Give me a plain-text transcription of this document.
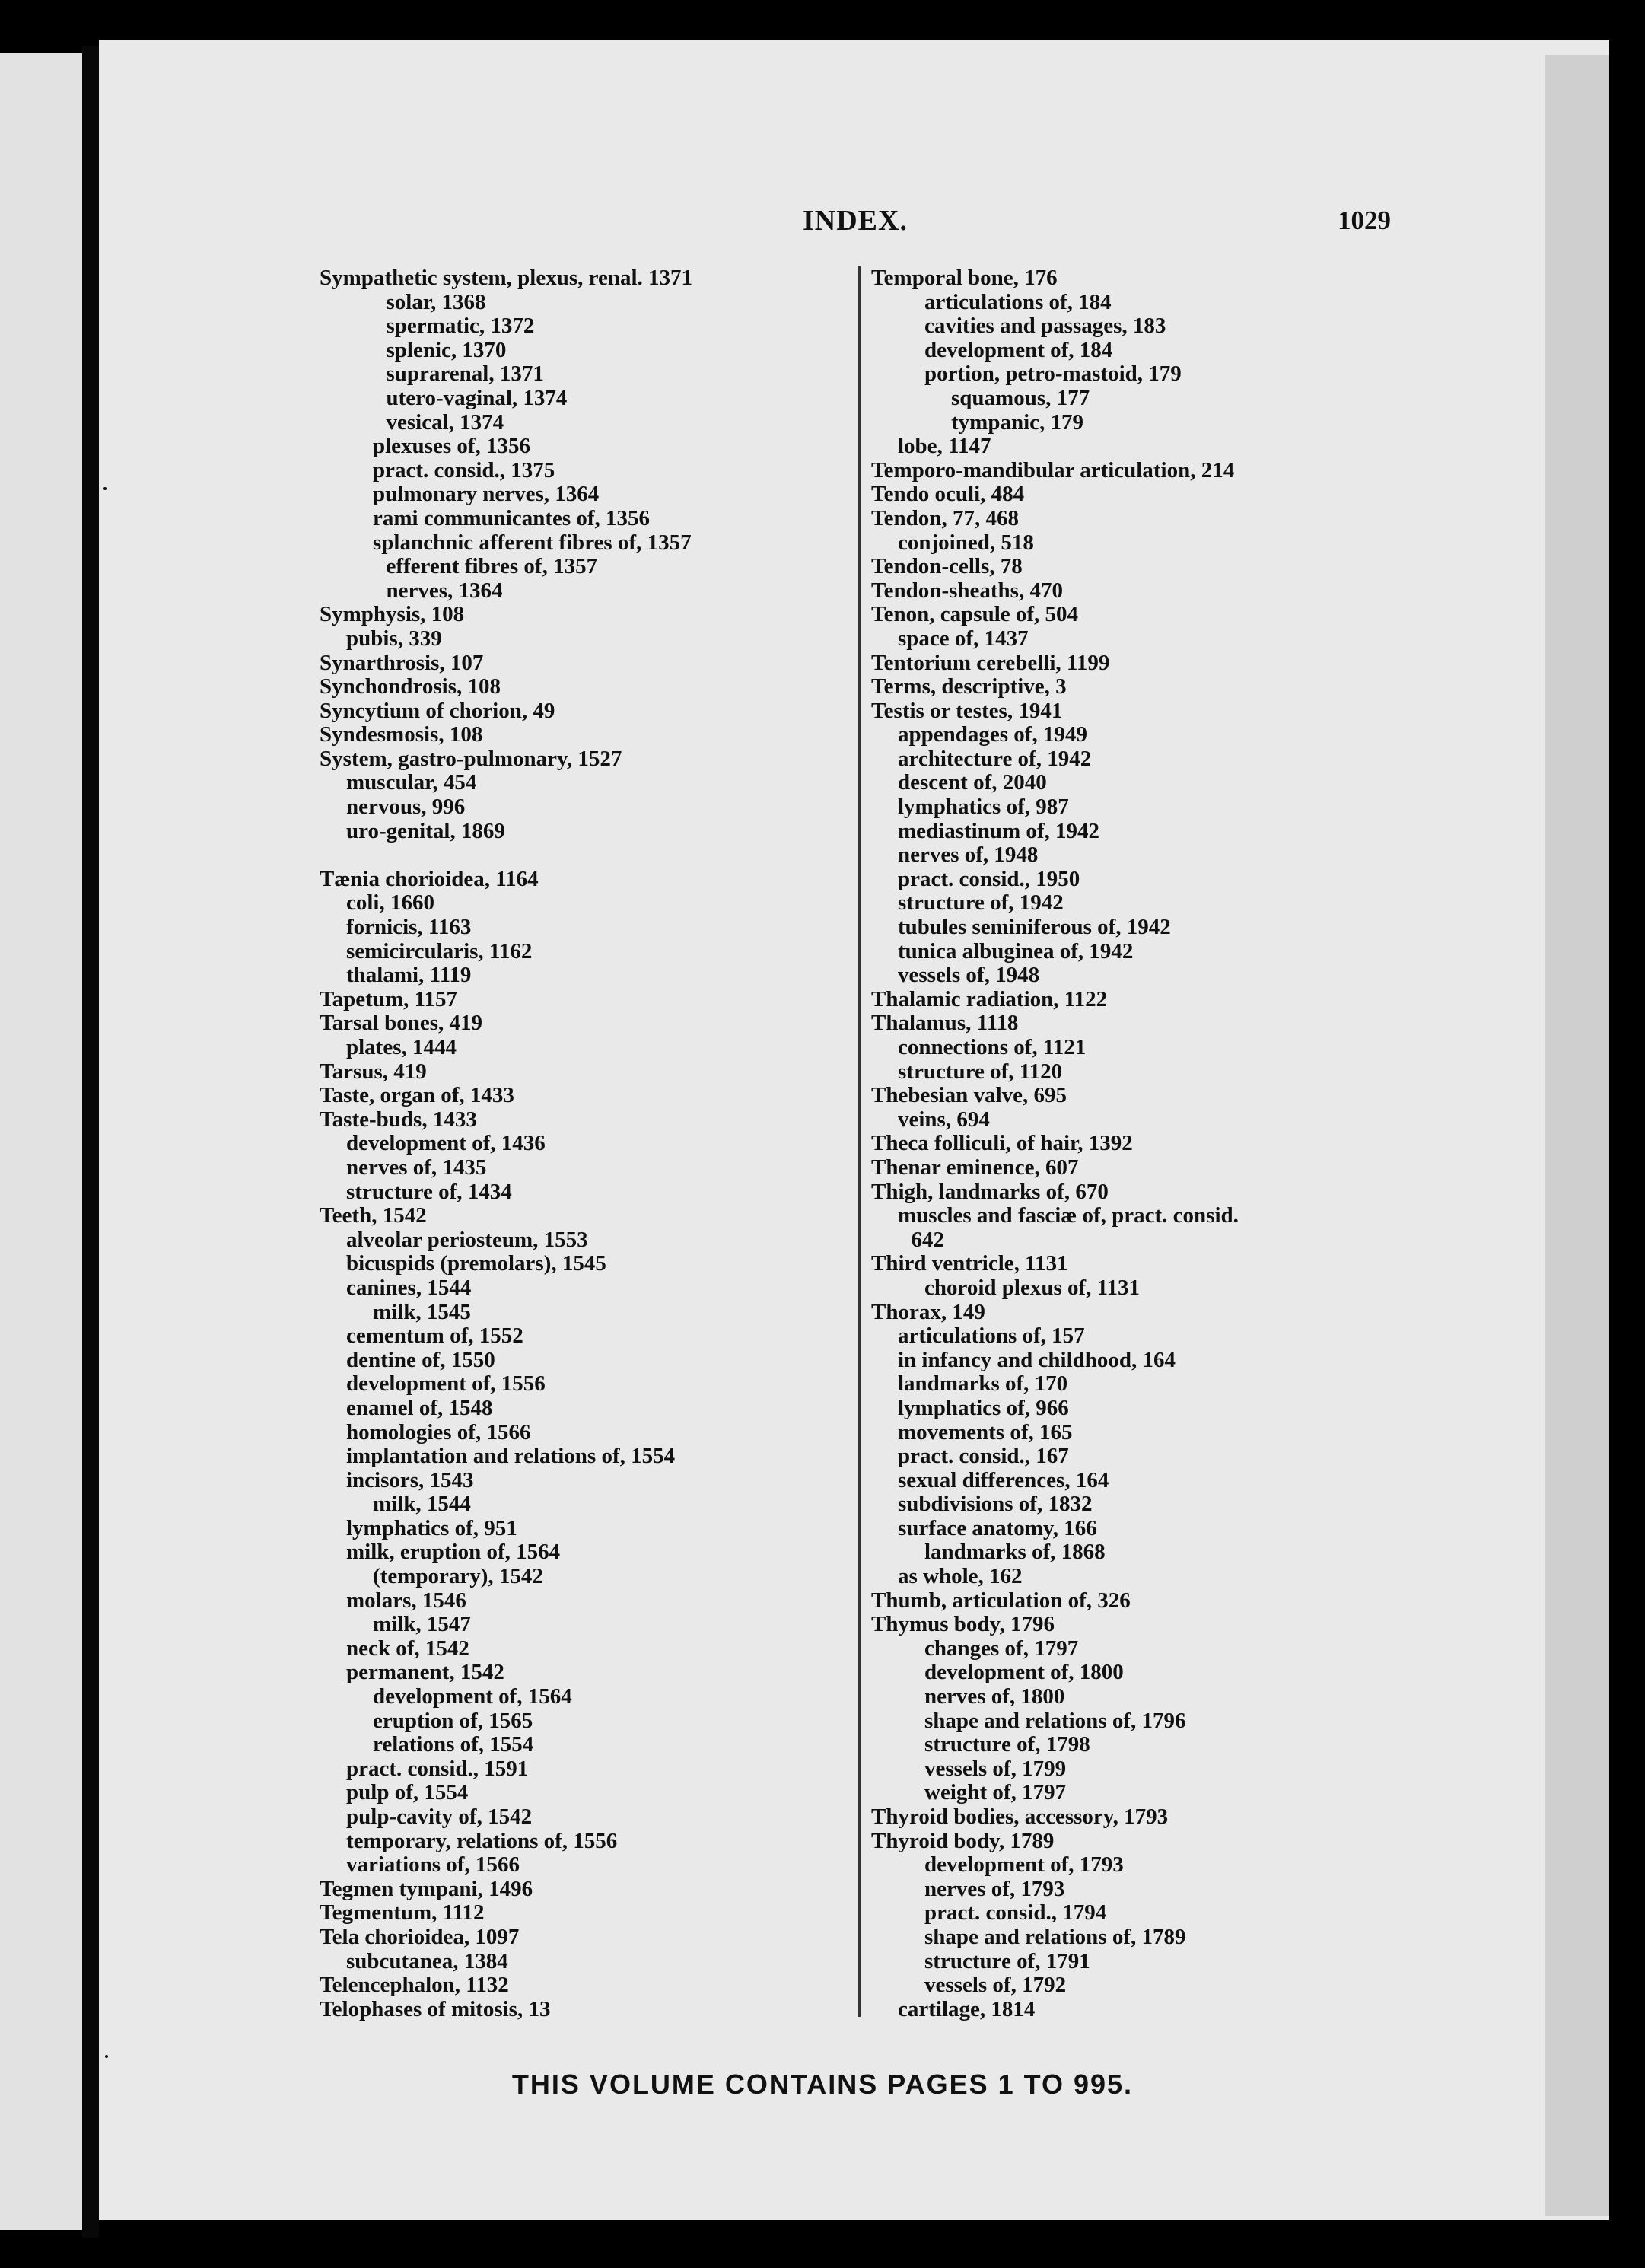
INDEX.	1029
Sympathetic system, plexus, renal. 1371
solar, 1368
spermatic, 1372
splenic, 1370
suprarenal, 1371
utero-vaginal, 1374
vesical, 1374
plexuses of, 1356
pract. consid., 1375
pulmonary nerves, 1364
rami communicantes of, 1356
splanchnic afferent fibres of, 1357
efferent fibres of, 1357
nerves, 1364
Symphysis, 108
pubis, 339
Synarthrosis, 107
Synchondrosis, 108
Syncytium of chorion, 49
Syndesmosis, 108
System, gastro-pulmonary, 1527
muscular, 454
nervous, 996
uro-genital, 1869
Tænia chorioidea, 1164
coli, 1660
fornicis, 1163
semicircularis, 1162
thalami, 1119
Tapetum, 1157
Tarsal bones, 419
plates, 1444
Tarsus, 419
Taste, organ of, 1433
Taste-buds, 1433
development of, 1436
nerves of, 1435
structure of, 1434
Teeth, 1542
alveolar periosteum, 1553
bicuspids (premolars), 1545
canines, 1544
milk, 1545
cementum of, 1552
dentine of, 1550
development of, 1556
enamel of, 1548
homologies of, 1566
implantation and relations of, 1554
incisors, 1543
milk, 1544
lymphatics of, 951
milk, eruption of, 1564
(temporary), 1542
molars, 1546
milk, 1547
neck of, 1542
permanent, 1542
development of, 1564
eruption of, 1565
relations of, 1554
pract. consid., 1591
pulp of, 1554
pulp-cavity of, 1542
temporary, relations of, 1556
variations of, 1566
Tegmen tympani, 1496
Tegmentum, 1112
Tela chorioidea, 1097
subcutanea, 1384
Telencephalon, 1132
Telophases of mitosis, 13
Temporal bone, 176
articulations of, 184
cavities and passages, 183
development of, 184
portion, petro-mastoid, 179
squamous, 177
tympanic, 179
lobe, 1147
Temporo-mandibular articulation, 214
Tendo oculi, 484
Tendon, 77, 468
conjoined, 518
Tendon-cells, 78
Tendon-sheaths, 470
Tenon, capsule of, 504
space of, 1437
Tentorium cerebelli, 1199
Terms, descriptive, 3
Testis or testes, 1941
appendages of, 1949
architecture of, 1942
descent of, 2040
lymphatics of, 987
mediastinum of, 1942
nerves of, 1948
pract. consid., 1950
structure of, 1942
tubules seminiferous of, 1942
tunica albuginea of, 1942
vessels of, 1948
Thalamic radiation, 1122
Thalamus, 1118
connections of, 1121
structure of, 1120
Thebesian valve, 695
veins, 694
Theca folliculi, of hair, 1392
Thenar eminence, 607
Thigh, landmarks of, 670
muscles and fasciæ of, pract. consid.
642
Third ventricle, 1131
choroid plexus of, 1131
Thorax, 149
articulations of, 157
in infancy and childhood, 164
landmarks of, 170
lymphatics of, 966
movements of, 165
pract. consid., 167
sexual differences, 164
subdivisions of, 1832
surface anatomy, 166
landmarks of, 1868
as whole, 162
Thumb, articulation of, 326
Thymus body, 1796
changes of, 1797
development of, 1800
nerves of, 1800
shape and relations of, 1796
structure of, 1798
vessels of, 1799
weight of, 1797
Thyroid bodies, accessory, 1793
Thyroid body, 1789
development of, 1793
nerves of, 1793
pract. consid., 1794
shape and relations of, 1789
structure of, 1791
vessels of, 1792
cartilage, 1814
THIS VOLUME CONTAINS PAGES 1 TO 995.
